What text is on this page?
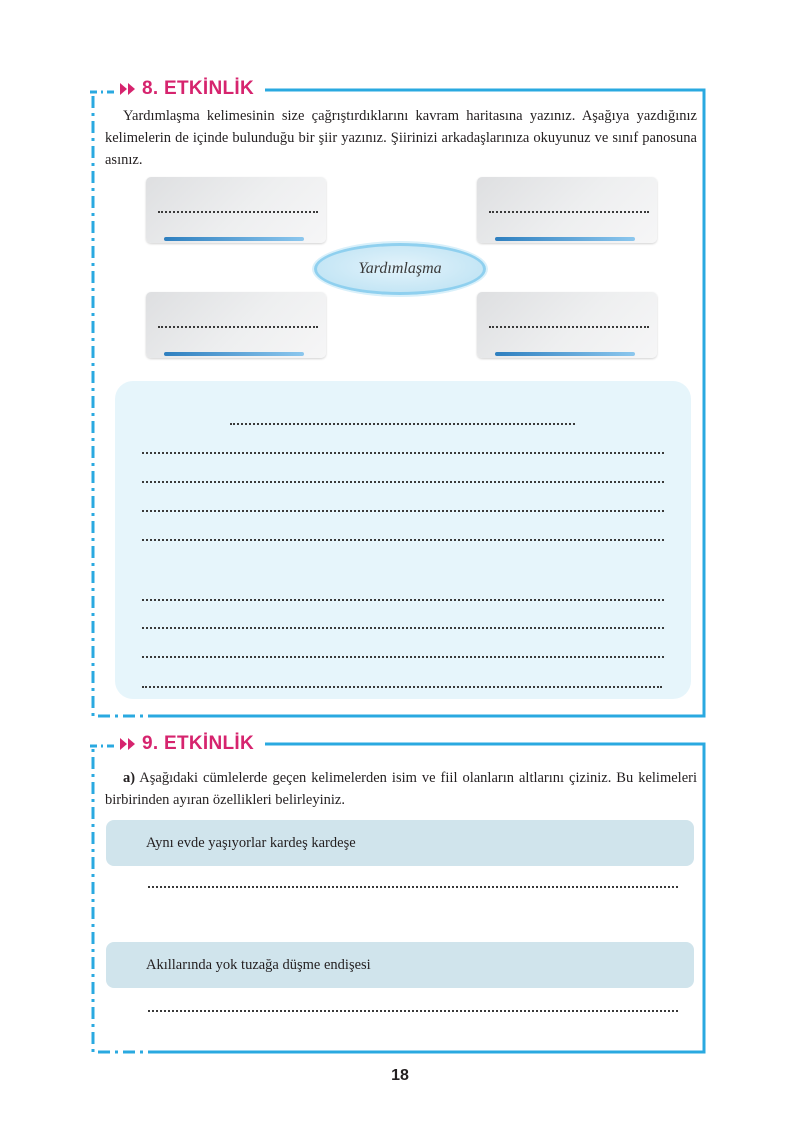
8. ETKİNLİK

Yardımlaşma kelimesinin size çağrıştırdıklarını kavram haritasına yazınız. Aşağıya yazdığınız kelimelerin de içinde bulunduğu bir şiir yazınız. Şiirinizi arkadaşlarınıza okuyunuz ve sınıf panosuna asınız.

Yardımlaşma
9. ETKİNLİK

a) Aşağıdaki cümlelerde geçen kelimelerden isim ve fiil olanların altlarını çiziniz. Bu kelimeleri birbirinden ayıran özellikleri belirleyiniz.

Aynı evde yaşıyorlar kardeş kardeşe
Akıllarında yok tuzağa düşme endişesi
18
